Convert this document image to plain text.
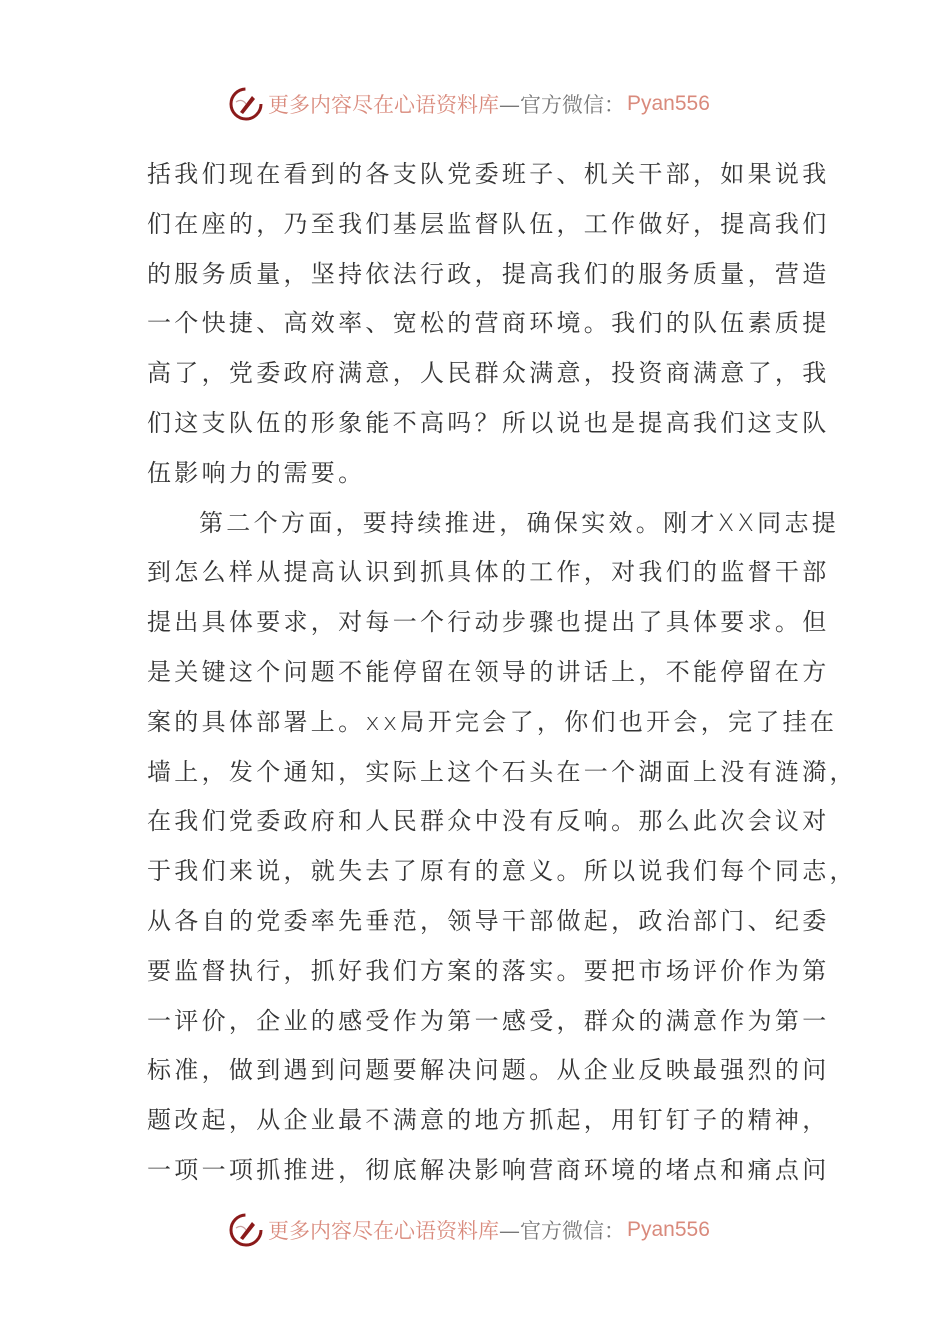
更多内容尽在心语资料库 —官方微信： Pyan556
括我们现在看到的各支队党委班子、机关干部，如果说我
们在座的，乃至我们基层监督队伍，工作做好，提高我们
的服务质量，坚持依法行政，提高我们的服务质量，营造
一个快捷、高效率、宽松的营商环境。我们的队伍素质提
高了，党委政府满意，人民群众满意，投资商满意了，我
们这支队伍的形象能不高吗？所以说也是提高我们这支队
伍影响力的需要。
第二个方面，要持续推进，确保实效。刚才XX同志提
到怎么样从提高认识到抓具体的工作，对我们的监督干部
提出具体要求，对每一个行动步骤也提出了具体要求。但
是关键这个问题不能停留在领导的讲话上，不能停留在方
案的具体部署上。xx局开完会了，你们也开会，完了挂在
墙上，发个通知，实际上这个石头在一个湖面上没有涟漪，
在我们党委政府和人民群众中没有反响。那么此次会议对
于我们来说，就失去了原有的意义。所以说我们每个同志，
从各自的党委率先垂范，领导干部做起，政治部门、纪委
要监督执行，抓好我们方案的落实。要把市场评价作为第
一评价，企业的感受作为第一感受，群众的满意作为第一
标准，做到遇到问题要解决问题。从企业反映最强烈的问
题改起，从企业最不满意的地方抓起，用钉钉子的精神，
一项一项抓推进，彻底解决影响营商环境的堵点和痛点问
更多内容尽在心语资料库 —官方微信： Pyan556
